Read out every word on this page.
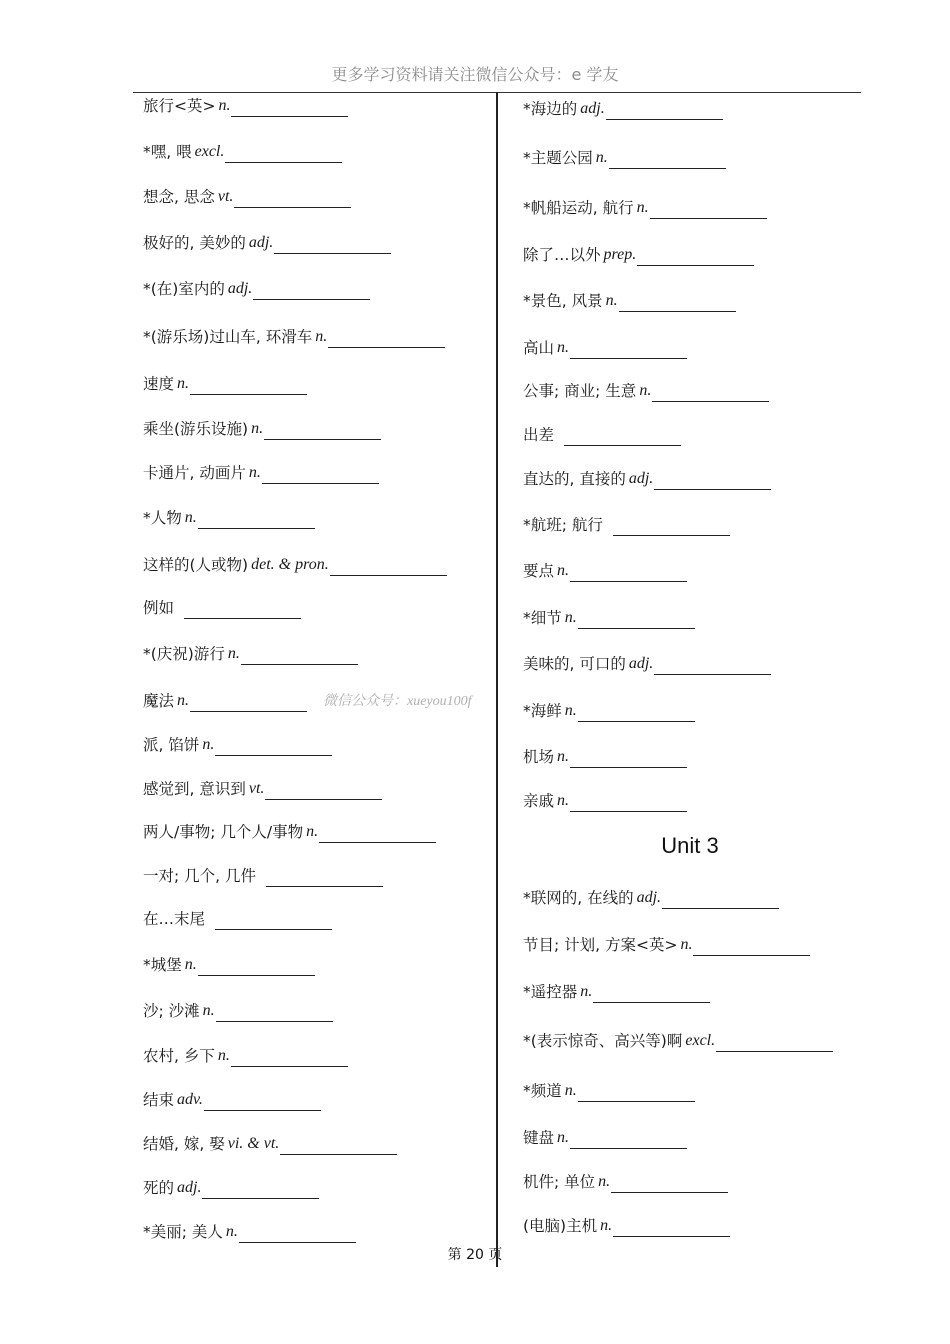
更多学习资料请关注微信公众号：e 学友
旅行<英> n.
*嘿, 喂 excl.
想念, 思念 vt.
极好的, 美妙的 adj.
*(在)室内的 adj.
*(游乐场)过山车, 环滑车 n.
速度 n.
乘坐(游乐设施) n.
卡通片, 动画片 n.
*人物 n.
这样的(人或物) det. & pron.
例如
*(庆祝)游行 n.
魔法 n.
派, 馅饼 n.
感觉到, 意识到 vt.
两人/事物; 几个人/事物 n.
一对; 几个, 几件
在…末尾
*城堡 n.
沙; 沙滩 n.
农村, 乡下 n.
结束 adv.
结婚, 嫁, 娶 vi. & vt.
死的 adj.
*美丽; 美人 n.
*海边的 adj.
*主题公园 n.
*帆船运动, 航行 n.
除了…以外 prep.
*景色, 风景 n.
高山 n.
公事; 商业; 生意 n.
出差
直达的, 直接的 adj.
*航班; 航行
要点 n.
*细节 n.
美味的, 可口的 adj.
*海鲜 n.
机场 n.
亲戚 n.
*联网的, 在线的 adj.
节目; 计划, 方案<英> n.
*遥控器 n.
*(表示惊奇、高兴等)啊 excl.
*频道 n.
键盘 n.
机件; 单位 n.
(电脑)主机 n.
微信公众号：xueyou100f
Unit 3
第 20 页
